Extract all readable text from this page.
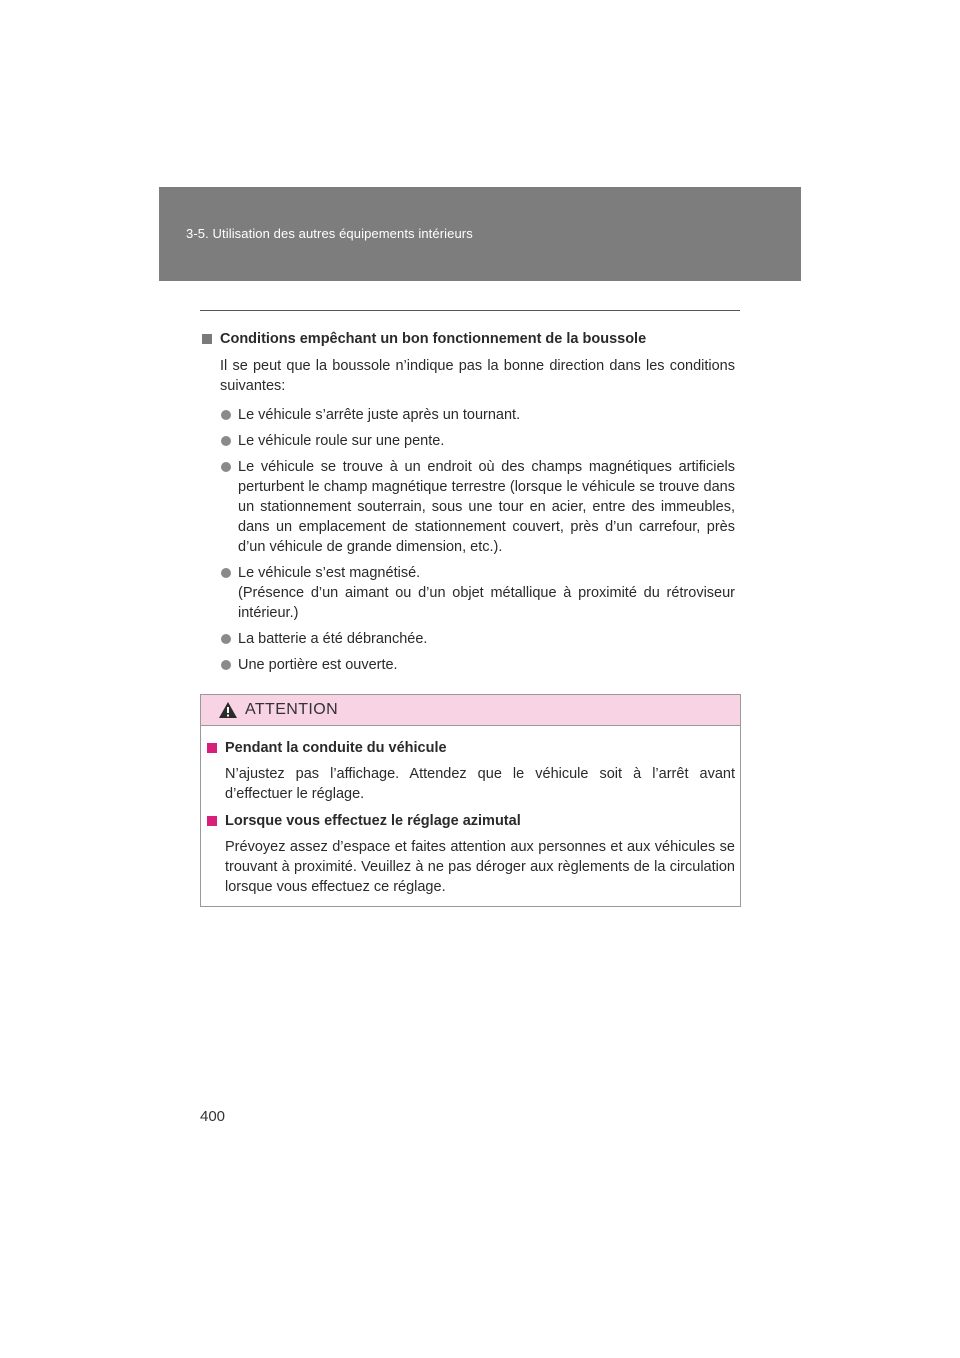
3-5. Utilisation des autres équipements intérieurs
Conditions empêchant un bon fonctionnement de la boussole
Il se peut que la boussole n’indique pas la bonne direction dans les conditions suivantes:
Le véhicule s’arrête juste après un tournant.
Le véhicule roule sur une pente.
Le véhicule se trouve à un endroit où des champs magnétiques artificiels perturbent le champ magnétique terrestre (lorsque le véhicule se trouve dans un stationnement souterrain, sous une tour en acier, entre des immeubles, dans un emplacement de stationnement couvert, près d’un carrefour, près d’un véhicule de grande dimension, etc.).
Le véhicule s’est magnétisé.
(Présence d’un aimant ou d’un objet métallique à proximité du rétroviseur intérieur.)
La batterie a été débranchée.
Une portière est ouverte.
ATTENTION
Pendant la conduite du véhicule
N’ajustez pas l’affichage. Attendez que le véhicule soit à l’arrêt avant d’effectuer le réglage.
Lorsque vous effectuez le réglage azimutal
Prévoyez assez d’espace et faites attention aux personnes et aux véhicules se trouvant à proximité. Veuillez à ne pas déroger aux règlements de la circulation lorsque vous effectuez ce réglage.
400
